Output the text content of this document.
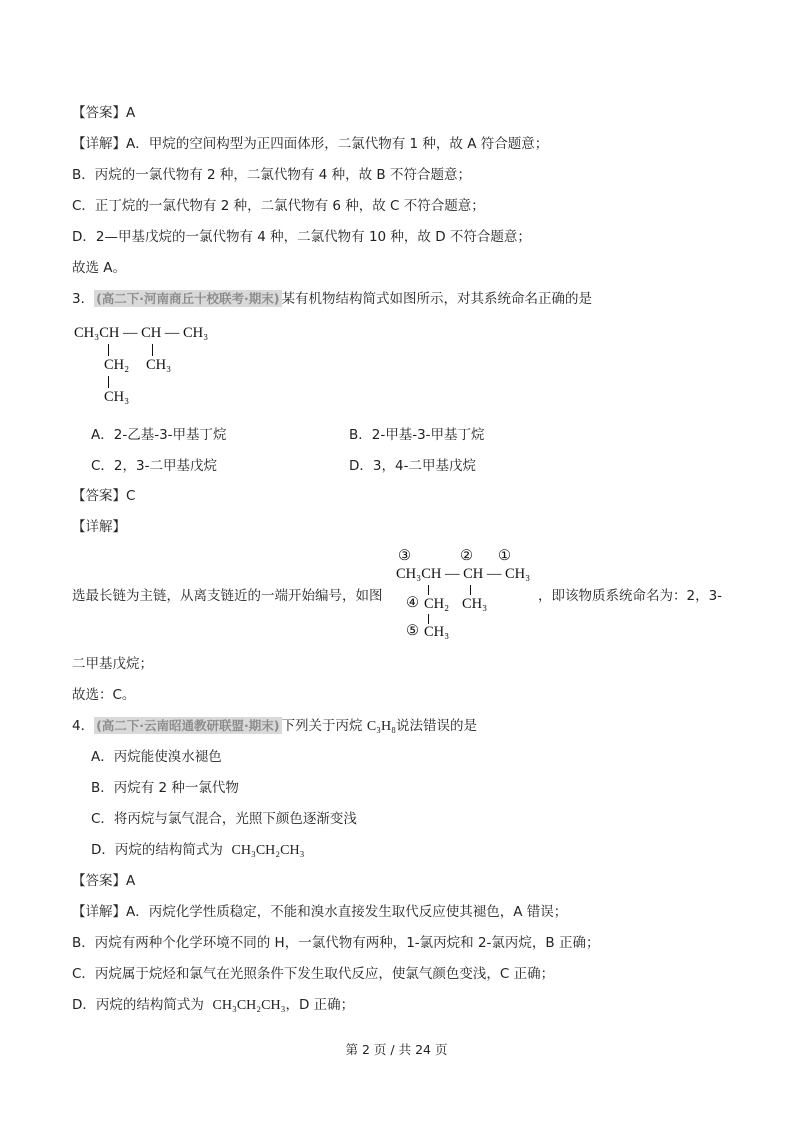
【答案】A
【详解】A．甲烷的空间构型为正四面体形，二氯代物有 1 种，故 A 符合题意；
B．丙烷的一氯代物有 2 种，二氯代物有 4 种，故 B 不符合题意；
C．正丁烷的一氯代物有 2 种，二氯代物有 6 种，故 C 不符合题意；
D．2—甲基戊烷的一氯代物有 4 种，二氯代物有 10 种，故 D 不符合题意；
故选 A。
3． (高二下·河南商丘十校联考·期末) 某有机物结构简式如图所示，对其系统命名正确的是
CH₃CH — CH — CH₃
CH₂ CH₃
CH₃
A．2-乙基-3-甲基丁烷	B．2-甲基-3-甲基丁烷
C．2，3-二甲基戊烷	D．3，4-二甲基戊烷
【答案】C
【详解】
选最长链为主链，从离支链近的一端开始编号，如图
③	② ①
CH₃CH — CH — CH₃
④ CH₂ CH₃
⑤ CH₃
，即该物质系统命名为：2，3-
二甲基戊烷；
故选：C。
4． (高二下·云南昭通教研联盟·期末) 下列关于丙烷 C₃H₈说法错误的是
A．丙烷能使溴水褪色
B．丙烷有 2 种一氯代物
C．将丙烷与氯气混合，光照下颜色逐渐变浅
D．丙烷的结构简式为 CH₃CH₂CH₃
【答案】A
【详解】A．丙烷化学性质稳定，不能和溴水直接发生取代反应使其褪色，A 错误；
B．丙烷有两种个化学环境不同的 H，一氯代物有两种，1-氯丙烷和 2-氯丙烷，B 正确；
C．丙烷属于烷烃和氯气在光照条件下发生取代反应，使氯气颜色变浅，C 正确；
D．丙烷的结构简式为 CH₃CH₂CH₃，D 正确；
第 2 页 / 共 24 页
